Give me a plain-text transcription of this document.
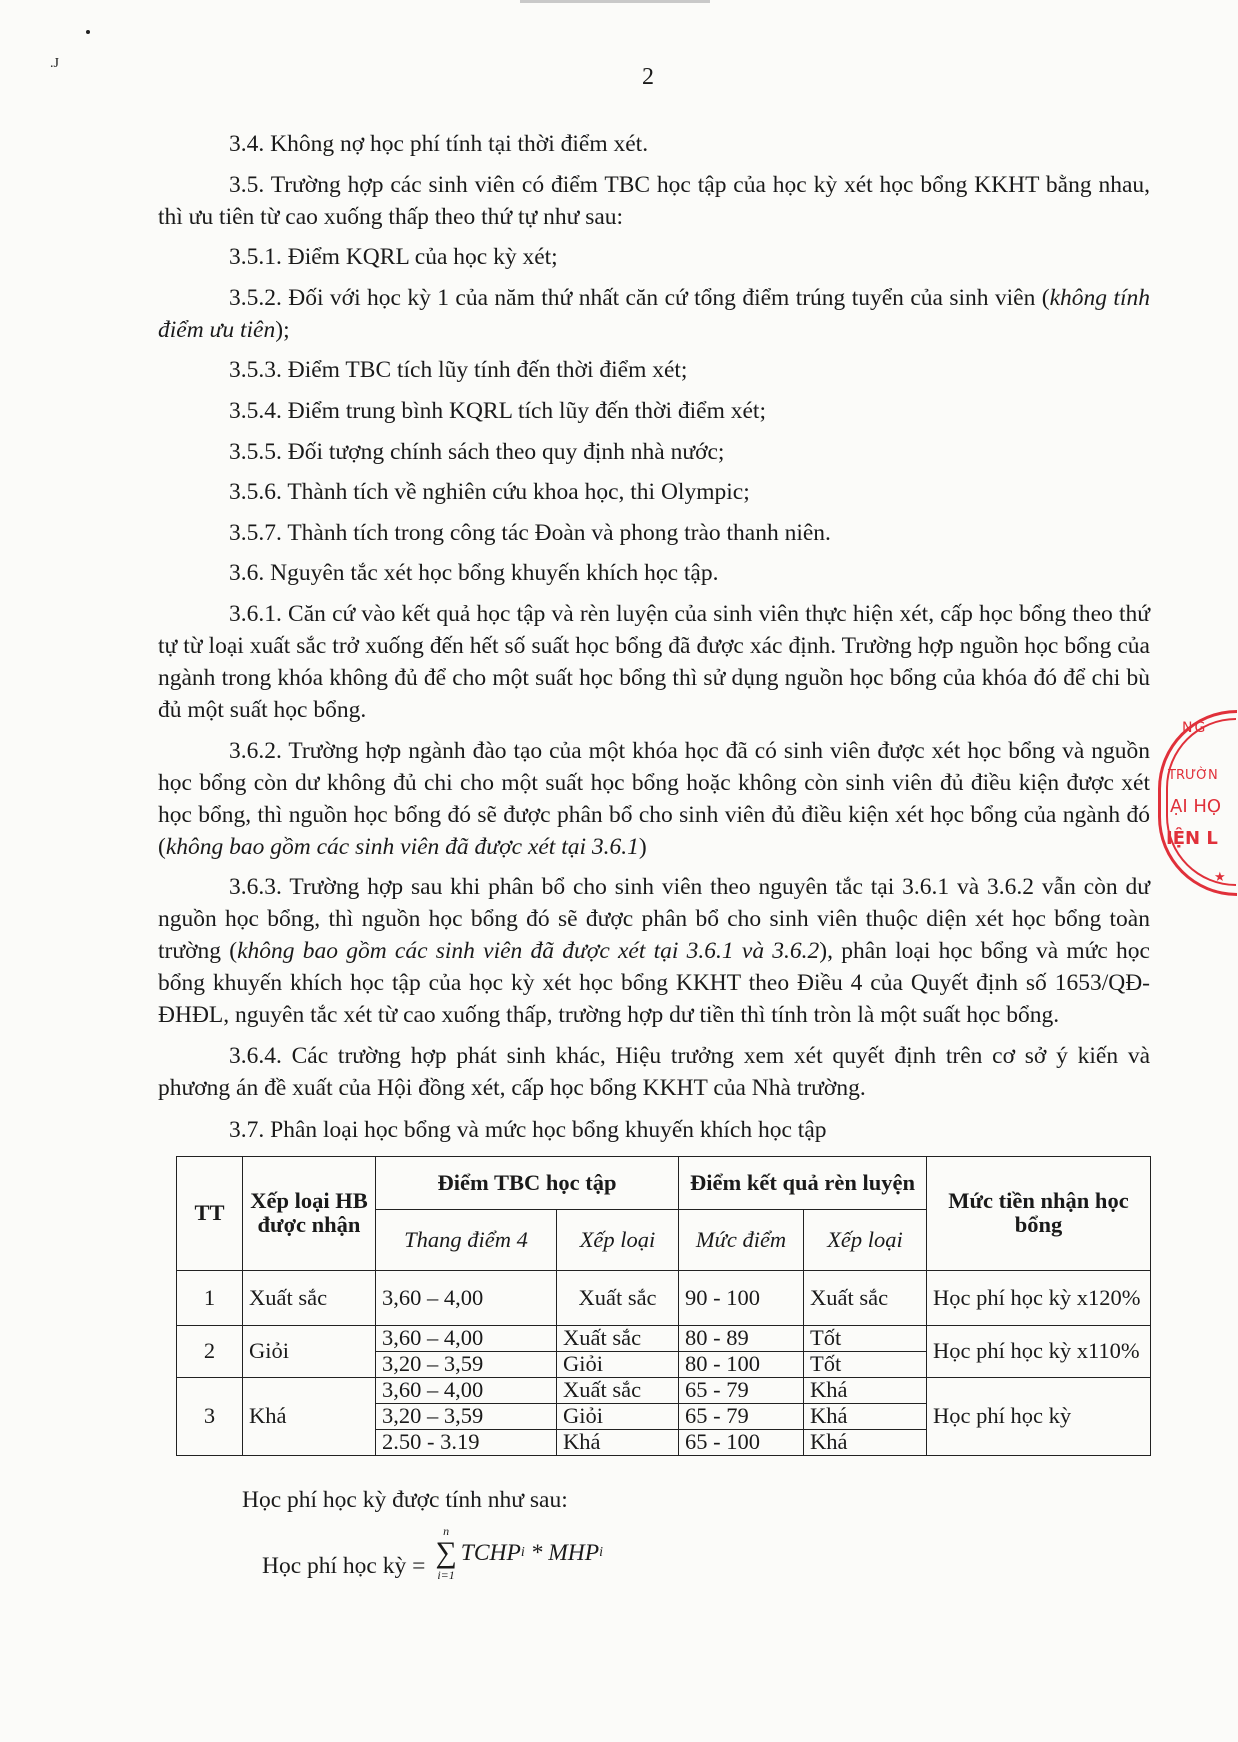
.J
2

3.4. Không nợ học phí tính tại thời điểm xét.

3.5. Trường hợp các sinh viên có điểm TBC học tập của học kỳ xét học bổng KKHT bằng nhau, thì ưu tiên từ cao xuống thấp theo thứ tự như sau:

3.5.1. Điểm KQRL của học kỳ xét;

3.5.2. Đối với học kỳ 1 của năm thứ nhất căn cứ tổng điểm trúng tuyển của sinh viên (không tính điểm ưu tiên);

3.5.3. Điểm TBC tích lũy tính đến thời điểm xét;

3.5.4. Điểm trung bình KQRL tích lũy đến thời điểm xét;

3.5.5. Đối tượng chính sách theo quy định nhà nước;

3.5.6. Thành tích về nghiên cứu khoa học, thi Olympic;

3.5.7. Thành tích trong công tác Đoàn và phong trào thanh niên.

3.6. Nguyên tắc xét học bổng khuyến khích học tập.

3.6.1. Căn cứ vào kết quả học tập và rèn luyện của sinh viên thực hiện xét, cấp học bổng theo thứ tự từ loại xuất sắc trở xuống đến hết số suất học bổng đã được xác định. Trường hợp nguồn học bổng của ngành trong khóa không đủ để cho một suất học bổng thì sử dụng nguồn học bổng của khóa đó để chi bù đủ một suất học bổng.

3.6.2. Trường hợp ngành đào tạo của một khóa học đã có sinh viên được xét học bổng và nguồn học bổng còn dư không đủ chi cho một suất học bổng hoặc không còn sinh viên đủ điều kiện được xét học bổng, thì nguồn học bổng đó sẽ được phân bổ cho sinh viên đủ điều kiện xét học bổng của ngành đó (không bao gồm các sinh viên đã được xét tại 3.6.1)

3.6.3. Trường hợp sau khi phân bổ cho sinh viên theo nguyên tắc tại 3.6.1 và 3.6.2 vẫn còn dư nguồn học bổng, thì nguồn học bổng đó sẽ được phân bổ cho sinh viên thuộc diện xét học bổng toàn trường (không bao gồm các sinh viên đã được xét tại 3.6.1 và 3.6.2), phân loại học bổng và mức học bổng khuyến khích học tập của học kỳ xét học bổng KKHT theo Điều 4 của Quyết định số 1653/QĐ-ĐHĐL, nguyên tắc xét từ cao xuống thấp, trường hợp dư tiền thì tính tròn là một suất học bổng.

3.6.4. Các trường hợp phát sinh khác, Hiệu trưởng xem xét quyết định trên cơ sở ý kiến và phương án đề xuất của Hội đồng xét, cấp học bổng KKHT của Nhà trường.

3.7. Phân loại học bổng và mức học bổng khuyến khích học tập
TT	Xếp loại HB được nhận	Điểm TBC học tập		Điểm kết quả rèn luyện		Mức tiền nhận học bổng
		Thang điểm 4	Xếp loại	Mức điểm	Xếp loại	
1	Xuất sắc	3,60 – 4,00	Xuất sắc	90 - 100	Xuất sắc	Học phí học kỳ x120%
2	Giỏi	3,60 – 4,00	Xuất sắc	80 - 89	Tốt	Học phí học kỳ x110%
		3,20 – 3,59	Giỏi	80 - 100	Tốt	
3	Khá	3,60 – 4,00	Xuất sắc	65 - 79	Khá	Học phí học kỳ
		3,20 – 3,59	Giỏi	65 - 79	Khá	
		2.50 - 3.19	Khá	65 - 100	Khá	
Học phí học kỳ được tính như sau:
Học phí học kỳ =
n
∑
i=1
TCHP i * MHP i
NG
TRƯỜN
ẠI HỌ
IỆN L
★
